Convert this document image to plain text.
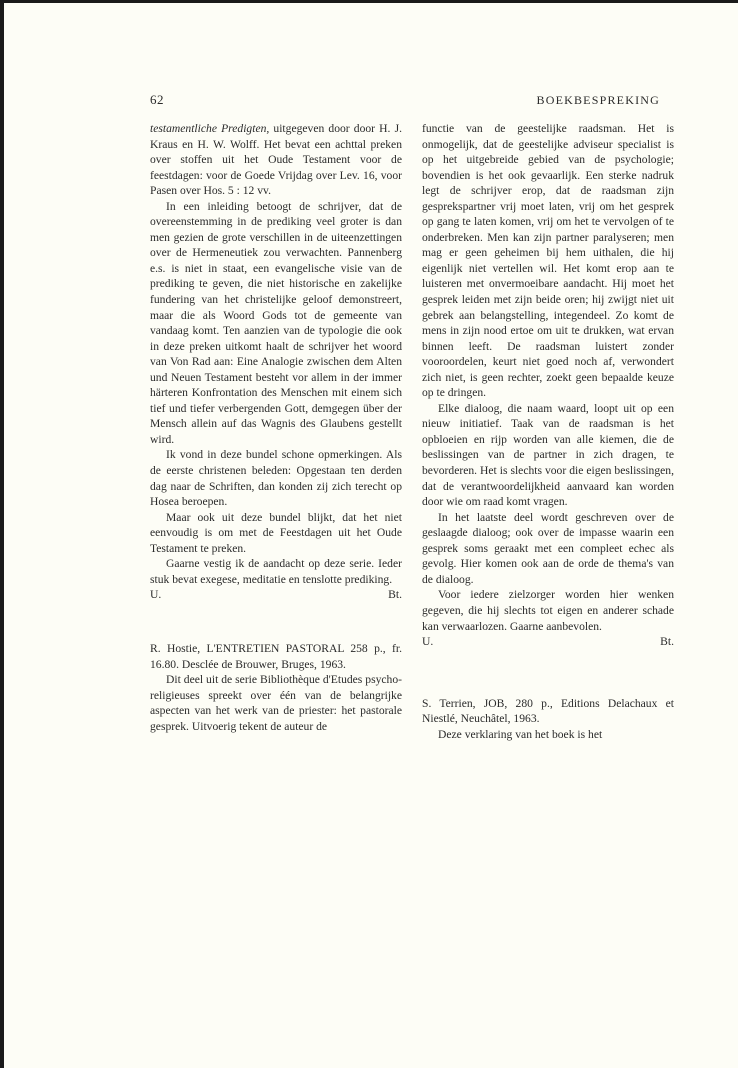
62	BOEKBESPREKING

testamentliche Predigten, uitgegeven door door H. J. Kraus en H. W. Wolff. Het bevat een achttal preken over stoffen uit het Oude Testament voor de feestdagen: voor de Goede Vrijdag over Lev. 16, voor Pasen over Hos. 5 : 12 vv.

In een inleiding betoogt de schrijver, dat de overeenstemming in de prediking veel groter is dan men gezien de grote verschillen in de uiteenzettingen over de Hermeneutiek zou verwachten. Pannenberg e.s. is niet in staat, een evangelische visie van de prediking te geven, die niet historische en zakelijke fundering van het christelijke geloof demonstreert, maar die als Woord Gods tot de gemeente van vandaag komt. Ten aanzien van de typologie die ook in deze preken uitkomt haalt de schrijver het woord van Von Rad aan: Eine Analogie zwischen dem Alten und Neuen Testament besteht vor allem in der immer härteren Konfrontation des Menschen mit einem sich tief und tiefer verbergenden Gott, demgegen über der Mensch allein auf das Wagnis des Glaubens gestellt wird.

Ik vond in deze bundel schone opmerkingen. Als de eerste christenen beleden: Opgestaan ten derden dag naar de Schriften, dan konden zij zich terecht op Hosea beroepen.

Maar ook uit deze bundel blijkt, dat het niet eenvoudig is om met de Feestdagen uit het Oude Testament te preken.

Gaarne vestig ik de aandacht op deze serie. Ieder stuk bevat exegese, meditatie en tenslotte prediking.

U.	Bt.

R. Hostie, L'ENTRETIEN PASTORAL 258 p., fr. 16.80. Desclée de Brouwer, Bruges, 1963.

Dit deel uit de serie Bibliothèque d'Etudes psycho-religieuses spreekt over één van de belangrijke aspecten van het werk van de priester: het pastorale gesprek. Uitvoerig tekent de auteur de

functie van de geestelijke raadsman. Het is onmogelijk, dat de geestelijke adviseur specialist is op het uitgebreide gebied van de psychologie; bovendien is het ook gevaarlijk. Een sterke nadruk legt de schrijver erop, dat de raadsman zijn gesprekspartner vrij moet laten, vrij om het gesprek op gang te laten komen, vrij om het te vervolgen of te onderbreken. Men kan zijn partner paralyseren; men mag er geen geheimen bij hem uithalen, die hij eigenlijk niet vertellen wil. Het komt erop aan te luisteren met onvermoeibare aandacht. Hij moet het gesprek leiden met zijn beide oren; hij zwijgt niet uit gebrek aan belangstelling, integendeel. Zo komt de mens in zijn nood ertoe om uit te drukken, wat ervan binnen leeft. De raadsman luistert zonder vooroordelen, keurt niet goed noch af, verwondert zich niet, is geen rechter, zoekt geen bepaalde keuze op te dringen.

Elke dialoog, die naam waard, loopt uit op een nieuw initiatief. Taak van de raadsman is het opbloeien en rijp worden van alle kiemen, die de beslissingen van de partner in zich dragen, te bevorderen. Het is slechts voor die eigen beslissingen, dat de verantwoordelijkheid aanvaard kan worden door wie om raad komt vragen.

In het laatste deel wordt geschreven over de geslaagde dialoog; ook over de impasse waarin een gesprek soms geraakt met een compleet echec als gevolg. Hier komen ook aan de orde de thema's van de dialoog.

Voor iedere zielzorger worden hier wenken gegeven, die hij slechts tot eigen en anderer schade kan verwaarlozen. Gaarne aanbevolen.

U.	Bt.

S. Terrien, JOB, 280 p., Editions Delachaux et Niestlé, Neuchâtel, 1963.

Deze verklaring van het boek is het
